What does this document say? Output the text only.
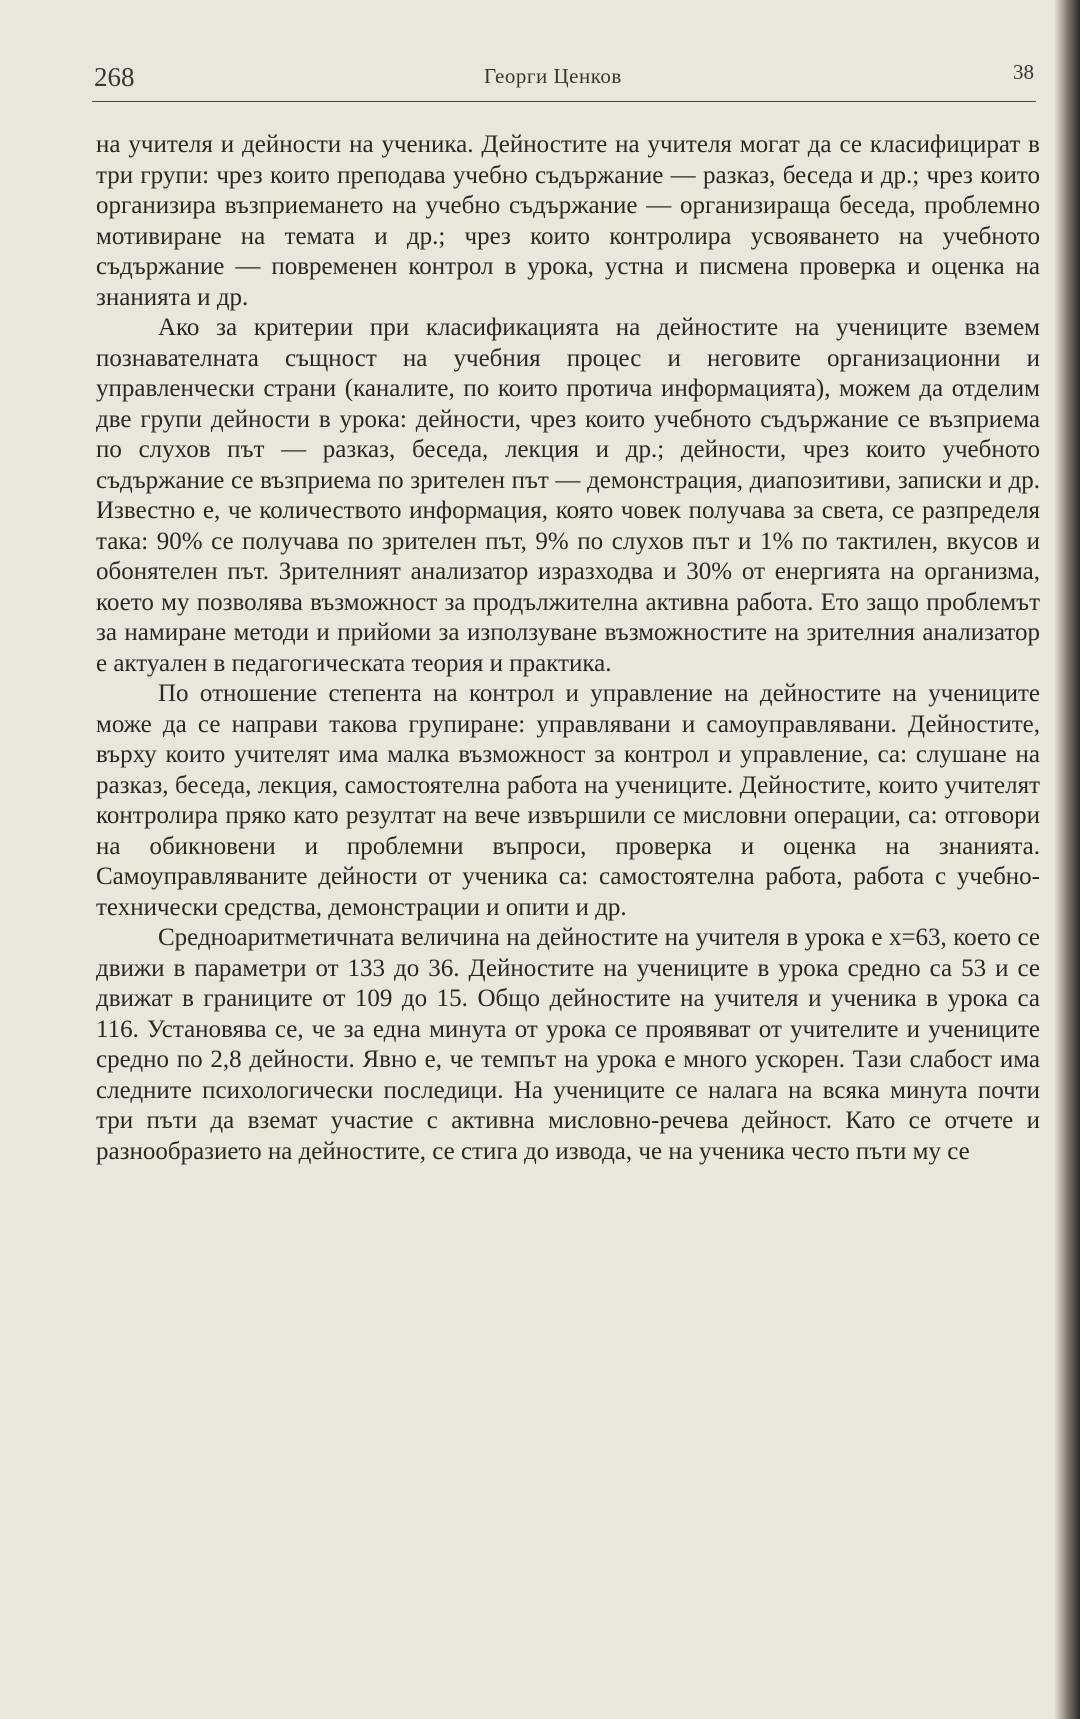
268	Георги Ценков	38

на учителя и дейности на ученика. Дейностите на учителя могат да се класифицират в три групи: чрез които преподава учебно съдържание — разказ, беседа и др.; чрез които организира възприемането на учебно съдържание — организираща беседа, проблемно мотивиране на темата и др.; чрез които контролира усвояването на учебното съдържание — повременен контрол в урока, устна и писмена проверка и оценка на знанията и др.

Ако за критерии при класификацията на дейностите на учениците вземем познавателната същност на учебния процес и неговите организационни и управленчески страни (каналите, по които протича информацията), можем да отделим две групи дейности в урока: дейности, чрез които учебното съдържание се възприема по слухов път — разказ, беседа, лекция и др.; дейности, чрез които учебното съдържание се възприема по зрителен път — демонстрация, диапозитиви, записки и др. Известно е, че количеството информация, която човек получава за света, се разпределя така: 90% се получава по зрителен път, 9% по слухов път и 1% по тактилен, вкусов и обонятелен път. Зрителният анализатор изразходва и 30% от енергията на организма, което му позволява възможност за продължителна активна работа. Ето защо проблемът за намиране методи и прийоми за използуване възможностите на зрителния анализатор е актуален в педагогическата теория и практика.

По отношение степента на контрол и управление на дейностите на учениците може да се направи такова групиране: управлявани и самоуправлявани. Дейностите, върху които учителят има малка възможност за контрол и управление, са: слушане на разказ, беседа, лекция, самостоятелна работа на учениците. Дейностите, които учителят контролира пряко като резултат на вече извършили се мисловни операции, са: отговори на обикновени и проблемни въпроси, проверка и оценка на знанията. Самоуправляваните дейности от ученика са: самостоятелна работа, работа с учебно-технически средства, демонстрации и опити и др.

Средноаритметичната величина на дейностите на учителя в урока е x=63, което се движи в параметри от 133 до 36. Дейностите на учениците в урока средно са 53 и се движат в границите от 109 до 15. Общо дейностите на учителя и ученика в урока са 116. Установява се, че за една минута от урока се проявяват от учителите и учениците средно по 2,8 дейности. Явно е, че темпът на урока е много ускорен. Тази слабост има следните психологически последици. На учениците се налага на всяка минута почти три пъти да вземат участие с активна мисловно-речева дейност. Като се отчете и разнообразието на дейностите, се стига до извода, че на ученика често пъти му се
